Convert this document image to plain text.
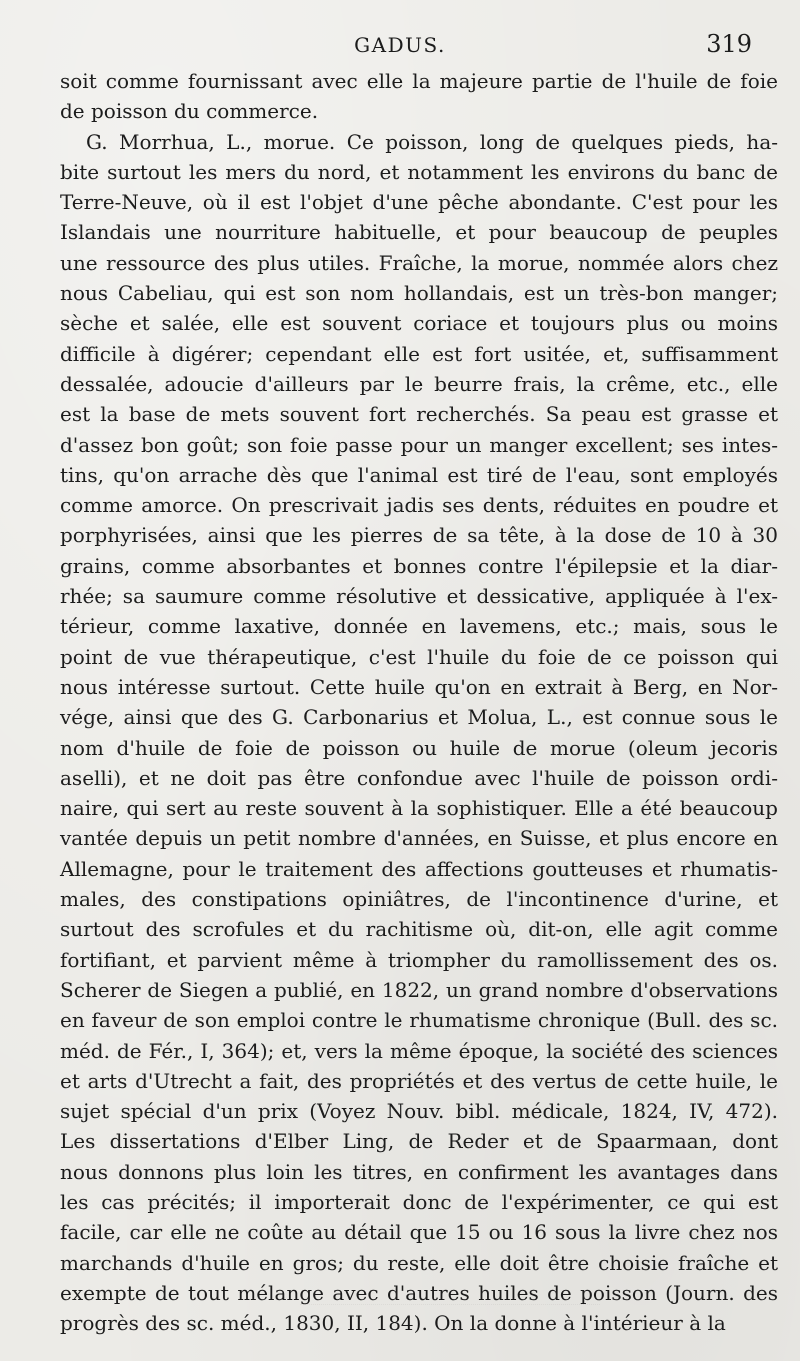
GADUS.	319
soit comme fournissant avec elle la majeure partie de l'huile de foie
de poisson du commerce.
G. Morrhua, L., morue. Ce poisson, long de quelques pieds, ha-
bite surtout les mers du nord, et notamment les environs du banc de
Terre-Neuve, où il est l'objet d'une pêche abondante. C'est pour les
Islandais une nourriture habituelle, et pour beaucoup de peuples
une ressource des plus utiles. Fraîche, la morue, nommée alors chez
nous Cabeliau, qui est son nom hollandais, est un très-bon manger;
sèche et salée, elle est souvent coriace et toujours plus ou moins
difficile à digérer; cependant elle est fort usitée, et, suffisamment
dessalée, adoucie d'ailleurs par le beurre frais, la crême, etc., elle
est la base de mets souvent fort recherchés. Sa peau est grasse et
d'assez bon goût; son foie passe pour un manger excellent; ses intes-
tins, qu'on arrache dès que l'animal est tiré de l'eau, sont employés
comme amorce. On prescrivait jadis ses dents, réduites en poudre et
porphyrisées, ainsi que les pierres de sa tête, à la dose de 10 à 30
grains, comme absorbantes et bonnes contre l'épilepsie et la diar-
rhée; sa saumure comme résolutive et dessicative, appliquée à l'ex-
térieur, comme laxative, donnée en lavemens, etc.; mais, sous le
point de vue thérapeutique, c'est l'huile du foie de ce poisson qui
nous intéresse surtout. Cette huile qu'on en extrait à Berg, en Nor-
vége, ainsi que des G. Carbonarius et Molua, L., est connue sous le
nom d'huile de foie de poisson ou huile de morue (oleum jecoris
aselli), et ne doit pas être confondue avec l'huile de poisson ordi-
naire, qui sert au reste souvent à la sophistiquer. Elle a été beaucoup
vantée depuis un petit nombre d'années, en Suisse, et plus encore en
Allemagne, pour le traitement des affections goutteuses et rhumatis-
males, des constipations opiniâtres, de l'incontinence d'urine, et
surtout des scrofules et du rachitisme où, dit-on, elle agit comme
fortifiant, et parvient même à triompher du ramollissement des os.
Scherer de Siegen a publié, en 1822, un grand nombre d'observations
en faveur de son emploi contre le rhumatisme chronique (Bull. des sc.
méd. de Fér., I, 364); et, vers la même époque, la société des sciences
et arts d'Utrecht a fait, des propriétés et des vertus de cette huile, le
sujet spécial d'un prix (Voyez Nouv. bibl. médicale, 1824, IV, 472).
Les dissertations d'Elber Ling, de Reder et de Spaarmaan, dont
nous donnons plus loin les titres, en confirment les avantages dans
les cas précités; il importerait donc de l'expérimenter, ce qui est
facile, car elle ne coûte au détail que 15 ou 16 sous la livre chez nos
marchands d'huile en gros; du reste, elle doit être choisie fraîche et
exempte de tout mélange avec d'autres huiles de poisson (Journ. des
progrès des sc. méd., 1830, II, 184). On la donne à l'intérieur à la
